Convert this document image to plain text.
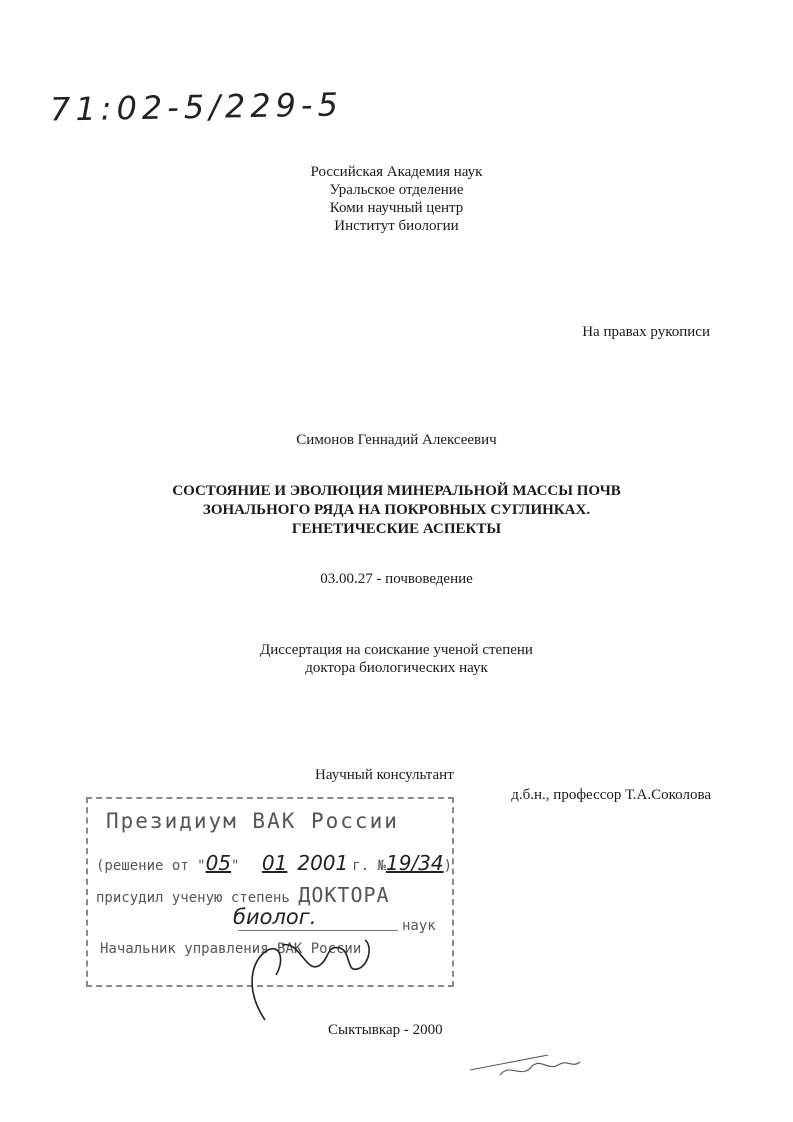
71:02-5/229-5
Российская Академия наук
Уральское отделение
Коми научный центр
Институт биологии
На правах рукописи
Симонов Геннадий Алексеевич
СОСТОЯНИЕ И ЭВОЛЮЦИЯ МИНЕРАЛЬНОЙ МАССЫ ПОЧВ
ЗОНАЛЬНОГО РЯДА НА ПОКРОВНЫХ СУГЛИНКАХ.
ГЕНЕТИЧЕСКИЕ АСПЕКТЫ
03.00.27 - почвоведение
Диссертация на соискание ученой степени
доктора биологических наук
Научный консультант
д.б.н., профессор Т.А.Соколова
Президиум ВАК России
(решение от "05" 01 2001 г. №19/34)
присудил ученую степень ДОКТОРА
биолог.	наук
Начальник управления ВАК России
Сыктывкар - 2000
